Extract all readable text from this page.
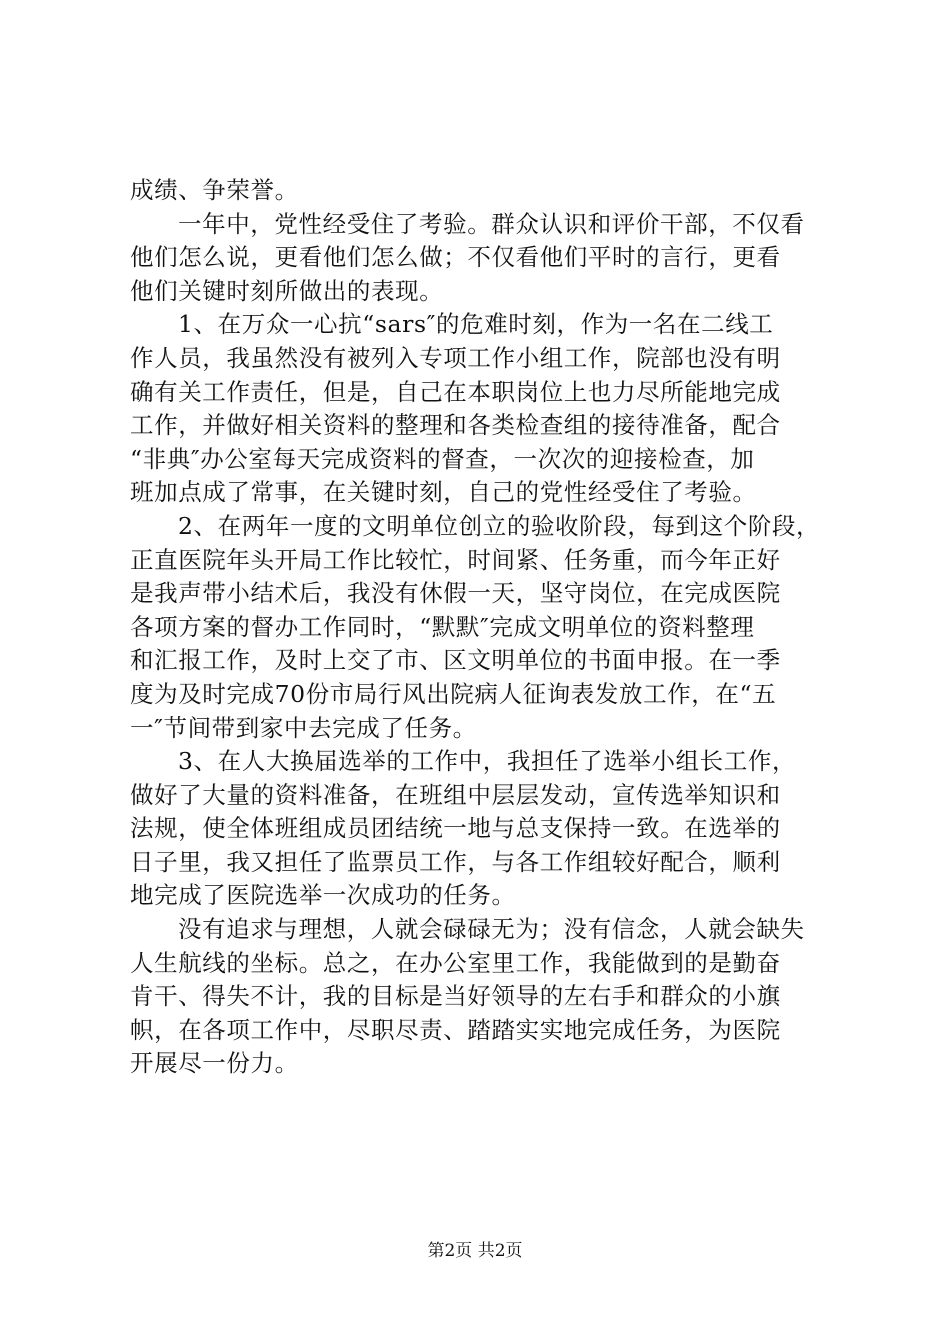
成绩、争荣誉。
一年中，党性经受住了考验。群众认识和评价干部，不仅看
他们怎么说，更看他们怎么做；不仅看他们平时的言行，更看
他们关键时刻所做出的表现。
1、在万众一心抗“sars″的危难时刻，作为一名在二线工
作人员，我虽然没有被列入专项工作小组工作，院部也没有明
确有关工作责任，但是，自己在本职岗位上也力尽所能地完成
工作，并做好相关资料的整理和各类检查组的接待准备，配合
“非典″办公室每天完成资料的督查，一次次的迎接检查，加
班加点成了常事，在关键时刻，自己的党性经受住了考验。
2、在两年一度的文明单位创立的验收阶段，每到这个阶段，
正直医院年头开局工作比较忙，时间紧、任务重，而今年正好
是我声带小结术后，我没有休假一天，坚守岗位，在完成医院
各项方案的督办工作同时，“默默″完成文明单位的资料整理
和汇报工作，及时上交了市、区文明单位的书面申报。在一季
度为及时完成70份市局行风出院病人征询表发放工作，在“五
一″节间带到家中去完成了任务。
3、在人大换届选举的工作中，我担任了选举小组长工作，
做好了大量的资料准备，在班组中层层发动，宣传选举知识和
法规，使全体班组成员团结统一地与总支保持一致。在选举的
日子里，我又担任了监票员工作，与各工作组较好配合，顺利
地完成了医院选举一次成功的任务。
没有追求与理想，人就会碌碌无为；没有信念，人就会缺失
人生航线的坐标。总之，在办公室里工作，我能做到的是勤奋
肯干、得失不计，我的目标是当好领导的左右手和群众的小旗
帜，在各项工作中，尽职尽责、踏踏实实地完成任务，为医院
开展尽一份力。
第2页 共2页
